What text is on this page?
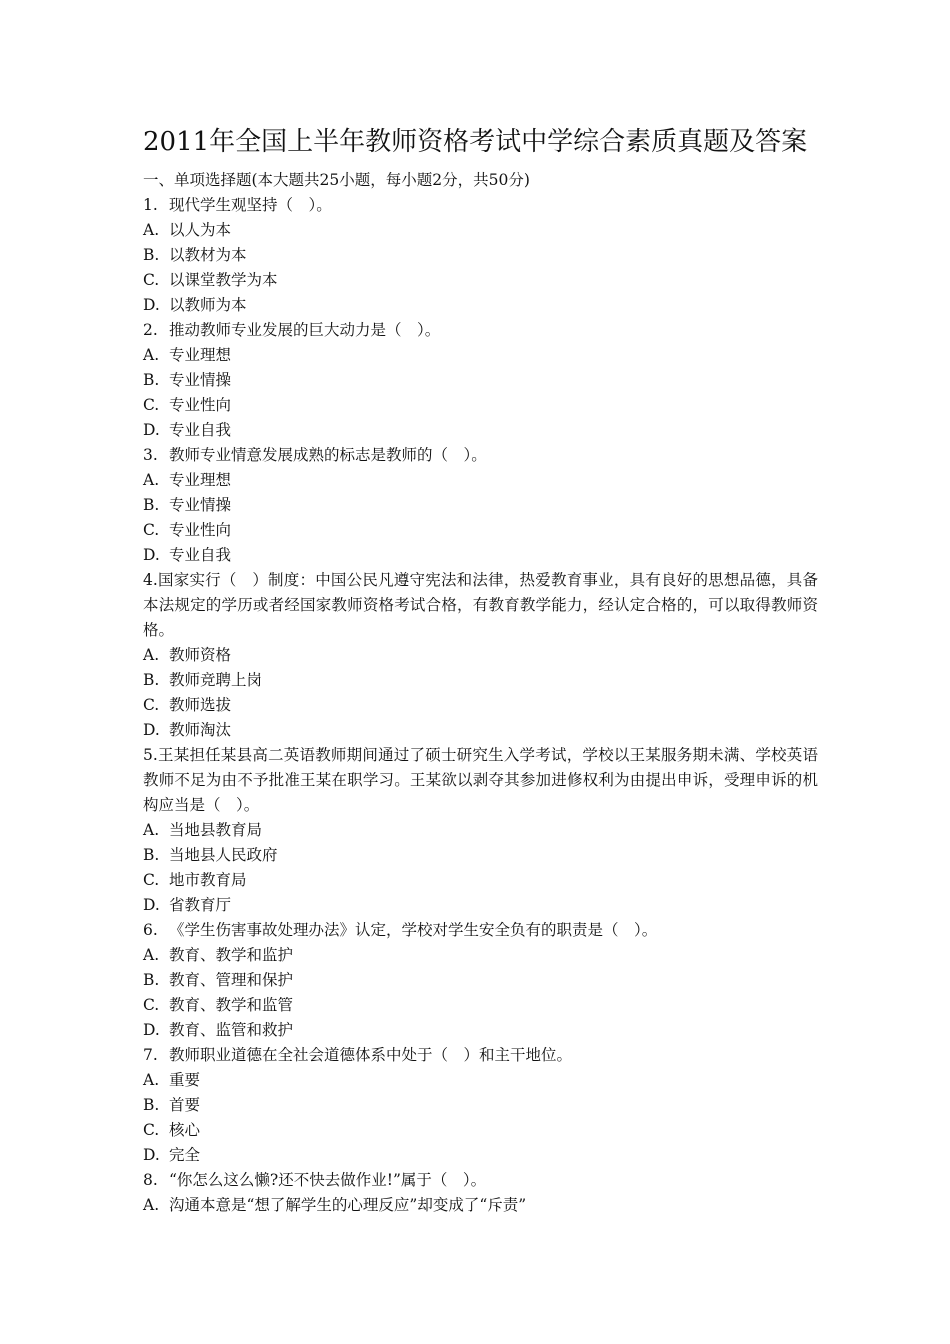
2011年全国上半年教师资格考试中学综合素质真题及答案
一、单项选择题(本大题共25小题，每小题2分，共50分)
1. 现代学生观坚持（　）。
A. 以人为本
B. 以教材为本
C. 以课堂教学为本
D. 以教师为本
2. 推动教师专业发展的巨大动力是（　）。
A. 专业理想
B. 专业情操
C. 专业性向
D. 专业自我
3. 教师专业情意发展成熟的标志是教师的（　）。
A. 专业理想
B. 专业情操
C. 专业性向
D. 专业自我
4.国家实行（　）制度：中国公民凡遵守宪法和法律，热爱教育事业，具有良好的思想品德，具备本法规定的学历或者经国家教师资格考试合格，有教育教学能力，经认定合格的，可以取得教师资格。
A. 教师资格
B. 教师竞聘上岗
C. 教师选拔
D. 教师淘汰
5.王某担任某县高二英语教师期间通过了硕士研究生入学考试，学校以王某服务期未满、学校英语教师不足为由不予批准王某在职学习。王某欲以剥夺其参加进修权利为由提出申诉，受理申诉的机构应当是（　）。
A. 当地县教育局
B. 当地县人民政府
C. 地市教育局
D. 省教育厅
6. 《学生伤害事故处理办法》认定，学校对学生安全负有的职责是（　）。
A. 教育、教学和监护
B. 教育、管理和保护
C. 教育、教学和监管
D. 教育、监管和救护
7. 教师职业道德在全社会道德体系中处于（　）和主干地位。
A. 重要
B. 首要
C. 核心
D. 完全
8. “你怎么这么懒?还不快去做作业!”属于（　）。
A. 沟通本意是“想了解学生的心理反应”却变成了“斥责”
